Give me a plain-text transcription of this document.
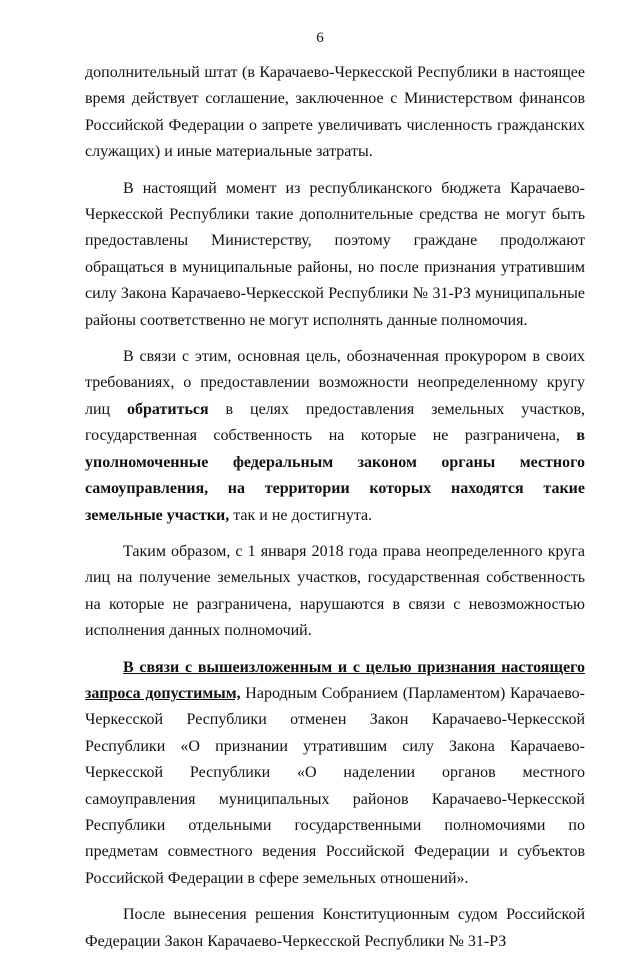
6

дополнительный штат (в Карачаево-Черкесской Республики в настоящее время действует соглашение, заключенное с Министерством финансов Российской Федерации о запрете увеличивать численность гражданских служащих) и иные материальные затраты.

В настоящий момент из республиканского бюджета Карачаево-Черкесской Республики такие дополнительные средства не могут быть предоставлены Министерству, поэтому граждане продолжают обращаться в муниципальные районы, но после признания утратившим силу Закона Карачаево-Черкесской Республики № 31-РЗ муниципальные районы соответственно не могут исполнять данные полномочия.

В связи с этим, основная цель, обозначенная прокурором в своих требованиях, о предоставлении возможности неопределенному кругу лиц обратиться в целях предоставления земельных участков, государственная собственность на которые не разграничена, в уполномоченные федеральным законом органы местного самоуправления, на территории которых находятся такие земельные участки, так и не достигнута.

Таким образом, с 1 января 2018 года права неопределенного круга лиц на получение земельных участков, государственная собственность на которые не разграничена, нарушаются в связи с невозможностью исполнения данных полномочий.

В связи с вышеизложенным и с целью признания настоящего запроса допустимым, Народным Собранием (Парламентом) Карачаево-Черкесской Республики отменен Закон Карачаево-Черкесской Республики «О признании утратившим силу Закона Карачаево-Черкесской Республики «О наделении органов местного самоуправления муниципальных районов Карачаево-Черкесской Республики отдельными государственными полномочиями по предметам совместного ведения Российской Федерации и субъектов Российской Федерации в сфере земельных отношений».

После вынесения решения Конституционным судом Российской Федерации Закон Карачаево-Черкесской Республики № 31-РЗ
